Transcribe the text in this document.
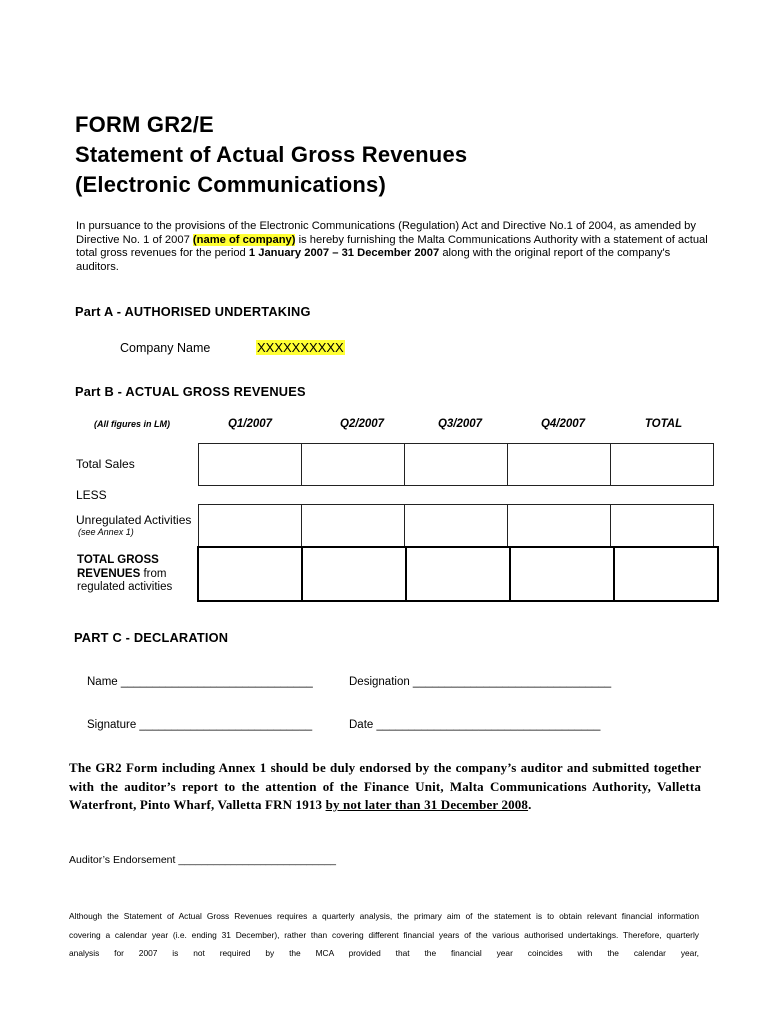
FORM GR2/E
Statement of Actual Gross Revenues
(Electronic Communications)
In pursuance to the provisions of the Electronic Communications (Regulation) Act and Directive No.1 of 2004, as amended by Directive No. 1 of 2007 (name of company) is hereby furnishing the Malta Communications Authority with a statement of actual total gross revenues for the period 1 January 2007 – 31 December 2007 along with the original report of the company's auditors.
Part A - AUTHORISED UNDERTAKING
Company Name	XXXXXXXXXX
Part B - ACTUAL GROSS REVENUES
(All figures in LM)	Q1/2007	Q2/2007	Q3/2007	Q4/2007	TOTAL
Total Sales

LESS
Unregulated Activities
(see Annex 1)

TOTAL GROSS
REVENUES from
regulated activities

PART C - DECLARATION
Name ______________________________	Designation _______________________________
Signature ___________________________	Date ___________________________________
The GR2 Form including Annex 1 should be duly endorsed by the company’s auditor and submitted together with the auditor’s report to the attention of the Finance Unit, Malta Communications Authority, Valletta Waterfront, Pinto Wharf, Valletta FRN 1913 by not later than 31 December 2008.
Auditor’s Endorsement ___________________________
Although the Statement of Actual Gross Revenues requires a quarterly analysis, the primary aim of the statement is to obtain relevant financial information
covering a calendar year (i.e. ending 31 December), rather than covering different financial years of the various authorised undertakings. Therefore, quarterly
analysis for 2007 is not required by the MCA provided that the financial year coincides with the calendar year,
